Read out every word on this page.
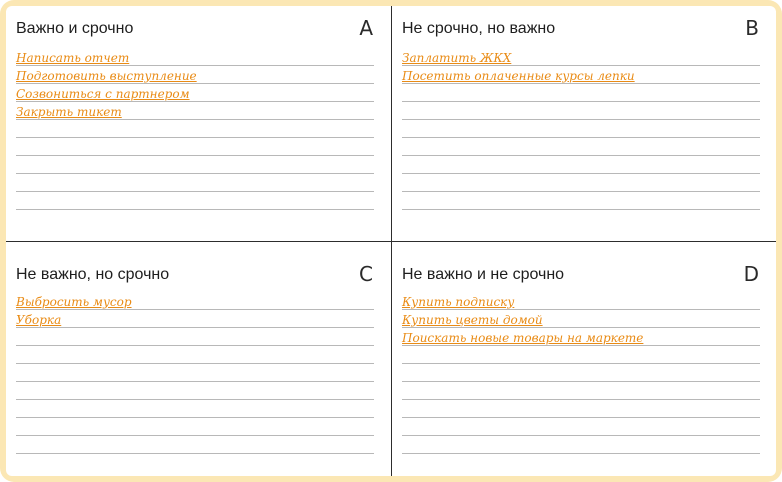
Важно и срочно	A
Написать отчет
Подготовить выступление
Созвониться с партнером
Закрыть тикет
Не срочно, но важно	B
Заплатить ЖКХ
Посетить оплаченные курсы лепки
Не важно, но срочно	C
Выбросить мусор
Уборка
Не важно и не срочно	D
Купить подписку
Купить цветы домой
Поискать новые товары на маркете
